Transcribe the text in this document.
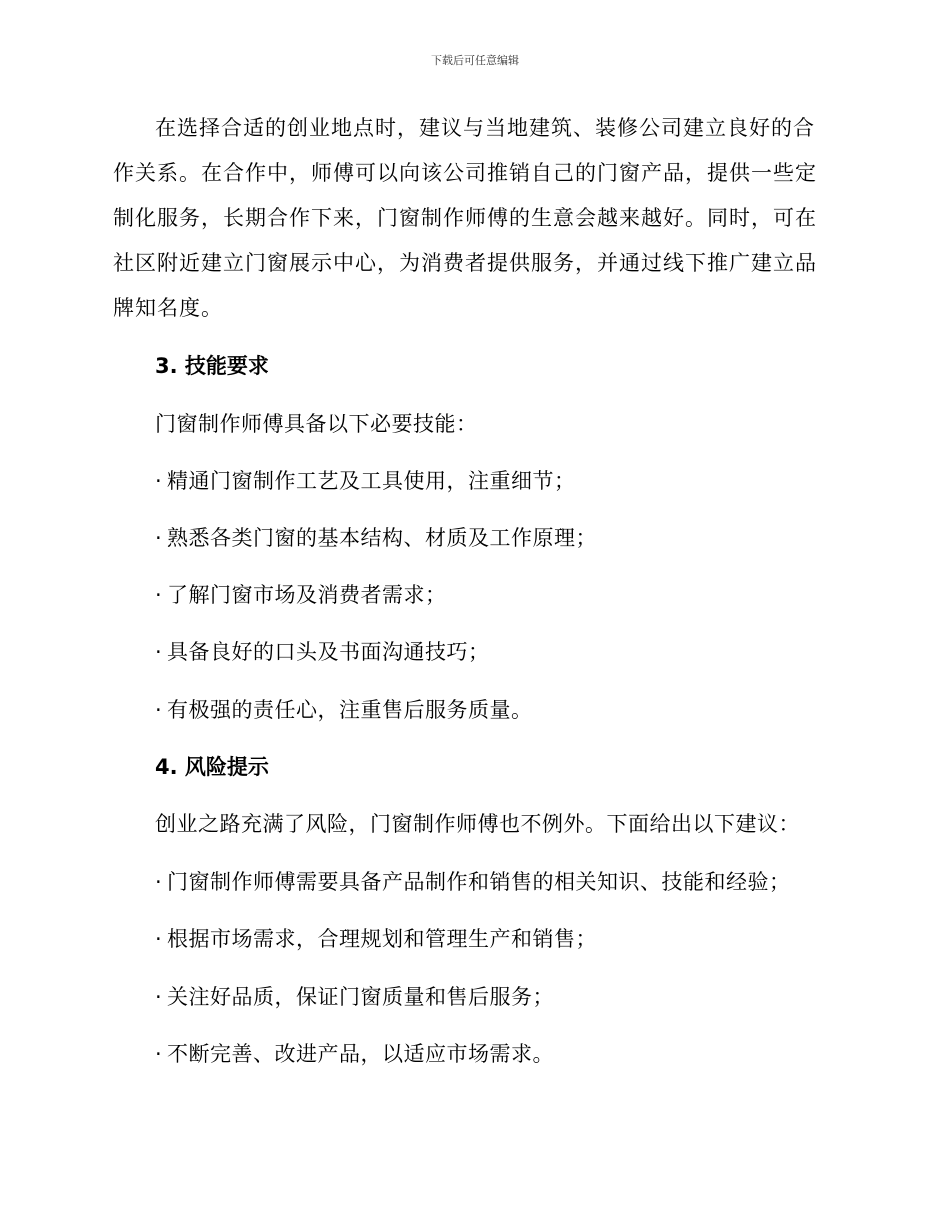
下载后可任意编辑

在选择合适的创业地点时，建议与当地建筑、装修公司建立良好的合作关系。在合作中，师傅可以向该公司推销自己的门窗产品，提供一些定制化服务，长期合作下来，门窗制作师傅的生意会越来越好。同时，可在社区附近建立门窗展示中心，为消费者提供服务，并通过线下推广建立品牌知名度。

3. 技能要求

门窗制作师傅具备以下必要技能：

· 精通门窗制作工艺及工具使用，注重细节；

· 熟悉各类门窗的基本结构、材质及工作原理；

· 了解门窗市场及消费者需求；

· 具备良好的口头及书面沟通技巧；

· 有极强的责任心，注重售后服务质量。

4. 风险提示

创业之路充满了风险，门窗制作师傅也不例外。下面给出以下建议：

· 门窗制作师傅需要具备产品制作和销售的相关知识、技能和经验；

· 根据市场需求，合理规划和管理生产和销售；

· 关注好品质，保证门窗质量和售后服务；

· 不断完善、改进产品，以适应市场需求。
